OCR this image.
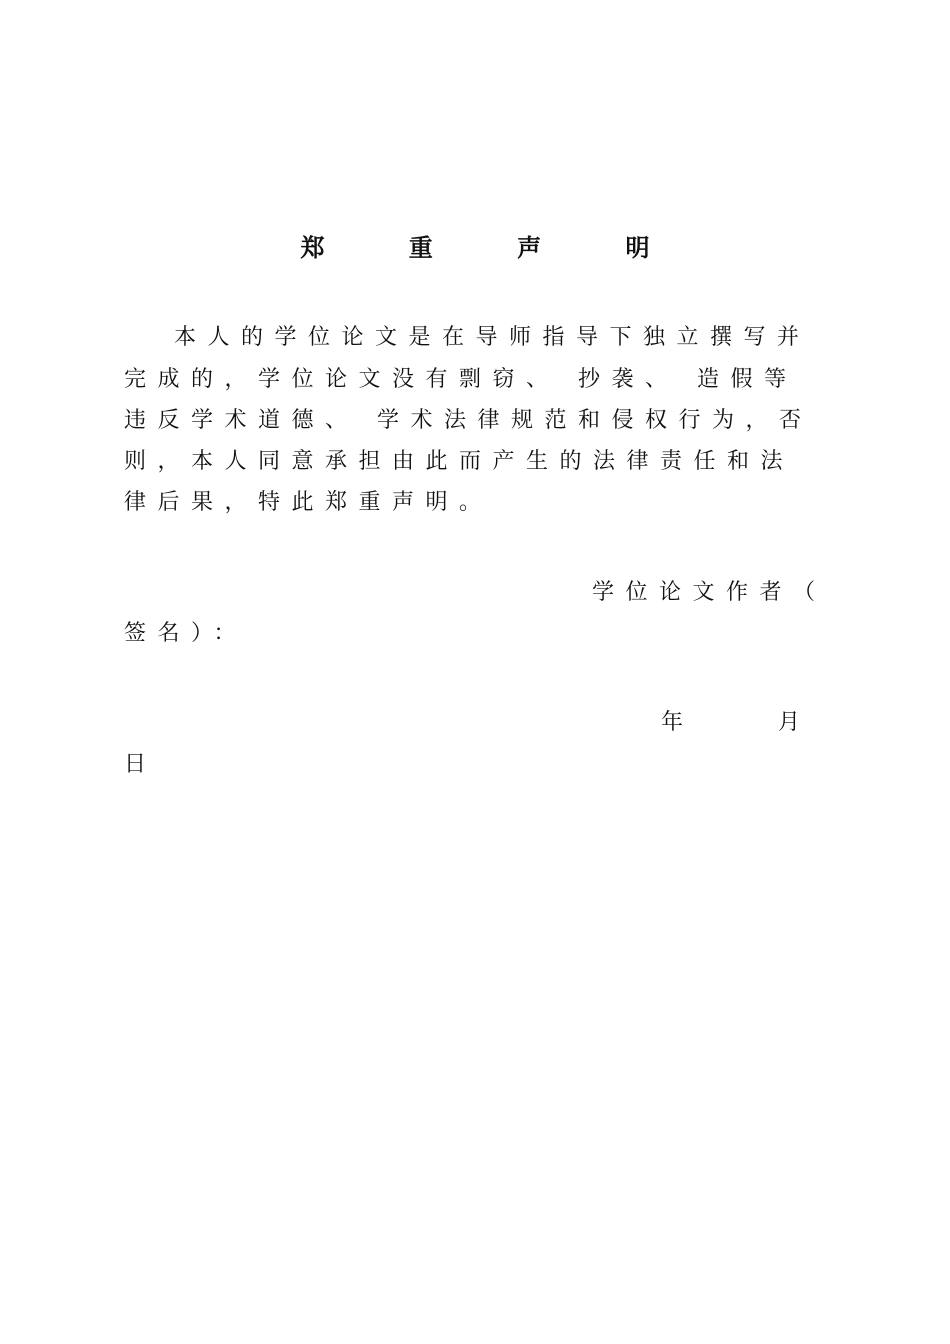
郑 重 声 明
本人的学位论文是在导师指导下独立撰写并
完成的，学位论文没有剽窃、 抄袭、 造假等
违反学术道德、 学术法律规范和侵权行为，否
则，本人同意承担由此而产生的法律责任和法
律后果，特此郑重声明。
学位论文作者（
签名）：
年	月
日
